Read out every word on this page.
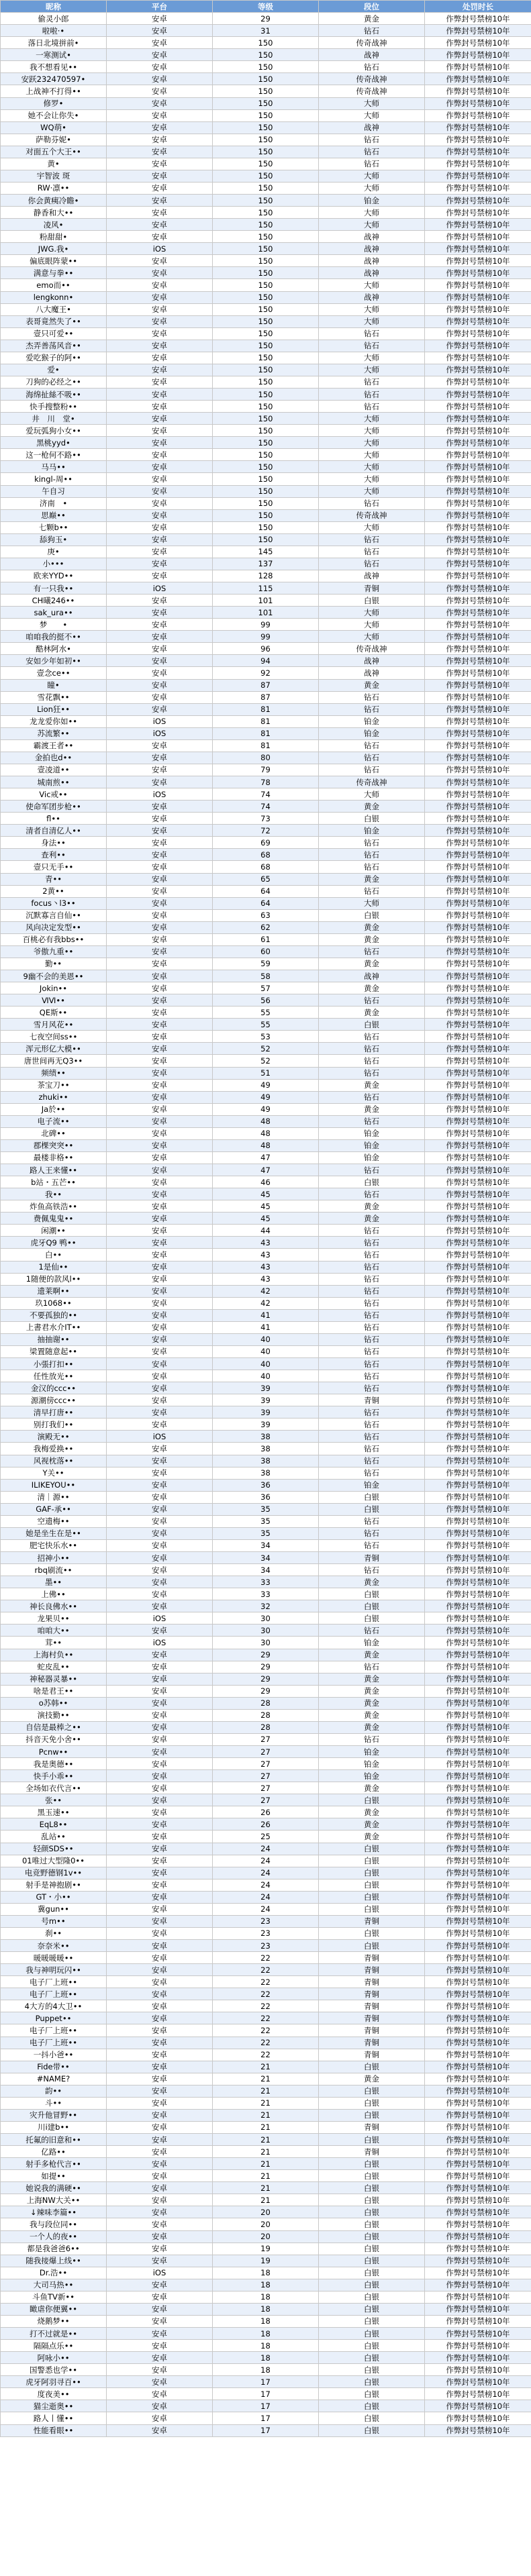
昵称	平台	等级	段位	处罚时长
偷灵小郎	安卓	29	黄金	作弊封号禁榜10年
啦啦·•	安卓	31	钻石	作弊封号禁榜10年
落日北境拼前•	安卓	150	传奇战神	作弊封号禁榜10年
一寒测试•	安卓	150	战神	作弊封号禁榜10年
我不想看见••	安卓	150	钻石	作弊封号禁榜10年
安跃232470597•	安卓	150	传奇战神	作弊封号禁榜10年
上战神不打得••	安卓	150	传奇战神	作弊封号禁榜10年
修罗•	安卓	150	大师	作弊封号禁榜10年
她不会让你失•	安卓	150	大师	作弊封号禁榜10年
WQ萌•	安卓	150	战神	作弊封号禁榜10年
萨勒芬妮•	安卓	150	钻石	作弊封号禁榜10年
对面五个大王••	安卓	150	钻石	作弊封号禁榜10年
黄•	安卓	150	钻石	作弊封号禁榜10年
宇智波 斑	安卓	150	大师	作弊封号禁榜10年
RW·凛••	安卓	150	大师	作弊封号禁榜10年
你会黄痍冷瞻•	安卓	150	铂金	作弊封号禁榜10年
静香和大••	安卓	150	大师	作弊封号禁榜10年
凌风•	安卓	150	大师	作弊封号禁榜10年
粉甜甜•	安卓	150	战神	作弊封号禁榜10年
JWG.我•	iOS	150	战神	作弊封号禁榜10年
偏底眼阵蒙••	安卓	150	战神	作弊封号禁榜10年
满意与拳••	安卓	150	战神	作弊封号禁榜10年
emo而••	安卓	150	大师	作弊封号禁榜10年
lengkonn•	安卓	150	战神	作弊封号禁榜10年
八大魔王•	安卓	150	大师	作弊封号禁榜10年
表哥竟然失了••	安卓	150	大师	作弊封号禁榜10年
壹只可爱••	安卓	150	钻石	作弊封号禁榜10年
杰弄善荡风音••	安卓	150	钻石	作弊封号禁榜10年
爱吃猴子的阿••	安卓	150	大师	作弊封号禁榜10年
爱•	安卓	150	大师	作弊封号禁榜10年
刀狗的必经之••	安卓	150	钻石	作弊封号禁榜10年
海绵扯絲不吸••	安卓	150	钻石	作弊封号禁榜10年
快手搜整粉••	安卓	150	钻石	作弊封号禁榜10年
井　川　堂•	安卓	150	大师	作弊封号禁榜10年
爱玩弧狗小女••	安卓	150	大师	作弊封号禁榜10年
黑桃yyd•	安卓	150	大师	作弊封号禁榜10年
这一枪何不路••	安卓	150	大师	作弊封号禁榜10年
马马••	安卓	150	大师	作弊封号禁榜10年
kingl-周••	安卓	150	大师	作弊封号禁榜10年
午自习	安卓	150	大师	作弊封号禁榜10年
济南　•	安卓	150	钻石	作弊封号禁榜10年
思巅••	安卓	150	传奇战神	作弊封号禁榜10年
七颗b••	安卓	150	大师	作弊封号禁榜10年
舔狗玉•	安卓	150	钻石	作弊封号禁榜10年
庚•	安卓	145	钻石	作弊封号禁榜10年
小•••	安卓	137	钻石	作弊封号禁榜10年
欧来YYD••	安卓	128	战神	作弊封号禁榜10年
有一只我••	iOS	115	青铜	作弊封号禁榜10年
CH曦246••	安卓	101	白银	作弊封号禁榜10年
sak_ura••	安卓	101	大师	作弊封号禁榜10年
梦　　•	安卓	99	大师	作弊封号禁榜10年
咱咱我的挺不••	安卓	99	大师	作弊封号禁榜10年
酷林阿水•	安卓	96	传奇战神	作弊封号禁榜10年
安如少年如初••	安卓	94	战神	作弊封号禁榜10年
壹念ce••	安卓	92	战神	作弊封号禁榜10年
瞳•	安卓	87	黄金	作弊封号禁榜10年
雪花飘••	安卓	87	钻石	作弊封号禁榜10年
Lion狂••	安卓	81	钻石	作弊封号禁榜10年
龙龙爱你如••	iOS	81	铂金	作弊封号禁榜10年
苏流繁••	iOS	81	铂金	作弊封号禁榜10年
霸渡王者••	安卓	81	钻石	作弊封号禁榜10年
金拍也d••	安卓	80	钻石	作弊封号禁榜10年
壹凌道••	安卓	79	钻石	作弊封号禁榜10年
城南煎••	安卓	78	传奇战神	作弊封号禁榜10年
Vic戒••	iOS	74	大师	作弊封号禁榜10年
使命军团步枪••	安卓	74	黄金	作弊封号禁榜10年
fl••	安卓	73	白银	作弊封号禁榜10年
清者自清亿人••	安卓	72	铂金	作弊封号禁榜10年
身法••	安卓	69	钻石	作弊封号禁榜10年
查利••	安卓	68	钻石	作弊封号禁榜10年
壹只无手••	安卓	68	钻石	作弊封号禁榜10年
青••	安卓	65	黄金	作弊封号禁榜10年
2黄••	安卓	64	钻石	作弊封号禁榜10年
focus丶l3••	安卓	64	大师	作弊封号禁榜10年
沉默寡言自仙••	安卓	63	白银	作弊封号禁榜10年
风向决定发型••	安卓	62	黄金	作弊封号禁榜10年
百桃必有我bbs••	安卓	61	黄金	作弊封号禁榜10年
爷傲九重••	安卓	60	钻石	作弊封号禁榜10年
勤••	安卓	59	黄金	作弊封号禁榜10年
9幽不会的美恩••	安卓	58	战神	作弊封号禁榜10年
Jokin••	安卓	57	黄金	作弊封号禁榜10年
ⅥⅥ••	安卓	56	钻石	作弊封号禁榜10年
QE斯••	安卓	55	黄金	作弊封号禁榜10年
雪月风花••	安卓	55	白银	作弊封号禁榜10年
七夜空间ss••	安卓	53	钻石	作弊封号禁榜10年
浑元形亿大模••	安卓	52	钻石	作弊封号禁榜10年
唐世间再无Q3••	安卓	52	钻石	作弊封号禁榜10年
频绩••	安卓	51	钻石	作弊封号禁榜10年
茶宝刀••	安卓	49	黄金	作弊封号禁榜10年
zhuki••	安卓	49	钻石	作弊封号禁榜10年
Ja於••	安卓	49	黄金	作弊封号禁榜10年
电子流••	安卓	48	钻石	作弊封号禁榜10年
北碑••	安卓	48	铂金	作弊封号禁榜10年
郡棵突突••	安卓	48	铂金	作弊封号禁榜10年
最楼非格••	安卓	47	铂金	作弊封号禁榜10年
路人王来懂••	安卓	47	钻石	作弊封号禁榜10年
b站・五芒••	安卓	46	白银	作弊封号禁榜10年
我••	安卓	45	钻石	作弊封号禁榜10年
炸鱼高铁浩••	安卓	45	黄金	作弊封号禁榜10年
费佩鬼鬼••	安卓	45	黄金	作弊封号禁榜10年
闲潮••	安卓	44	钻石	作弊封号禁榜10年
虎牙Q9 鸭••	安卓	43	钻石	作弊封号禁榜10年
白••	安卓	43	钻石	作弊封号禁榜10年
1是仙••	安卓	43	钻石	作弊封号禁榜10年
1随便的款风l••	安卓	43	钻石	作弊封号禁榜10年
遗莱啊••	安卓	42	钻石	作弊封号禁榜10年
玖1068••	安卓	42	钻石	作弊封号禁榜10年
不要孤独的••	安卓	41	钻石	作弊封号禁榜10年
上書君水介IT••	安卓	41	钻石	作弊封号禁榜10年
抽抽谢••	安卓	40	钻石	作弊封号禁榜10年
梁置随意起••	安卓	40	钻石	作弊封号禁榜10年
小張打扣••	安卓	40	钻石	作弊封号禁榜10年
任性放光••	安卓	40	钻石	作弊封号禁榜10年
金汉的ccc••	安卓	39	钻石	作弊封号禁榜10年
源潮傍ccc••	安卓	39	青铜	作弊封号禁榜10年
清早打唐••	安卓	39	钻石	作弊封号禁榜10年
别打我们••	安卓	39	钻石	作弊封号禁榜10年
演殿无••	iOS	38	钻石	作弊封号禁榜10年
我梅爱换••	安卓	38	钻石	作弊封号禁榜10年
风视枕落••	安卓	38	钻石	作弊封号禁榜10年
Y关••	安卓	38	钻石	作弊封号禁榜10年
ILIKEYOU••	安卓	36	铂金	作弊封号禁榜10年
清｜源••	安卓	36	白银	作弊封号禁榜10年
GAF-承••	安卓	35	白银	作弊封号禁榜10年
空遗梅••	安卓	35	钻石	作弊封号禁榜10年
她是坐生在是••	安卓	35	钻石	作弊封号禁榜10年
肥宅快乐水••	安卓	34	钻石	作弊封号禁榜10年
招神小••	安卓	34	青铜	作弊封号禁榜10年
rbq刷流••	安卓	34	钻石	作弊封号禁榜10年
墨••	安卓	33	黄金	作弊封号禁榜10年
上佛••	安卓	33	白银	作弊封号禁榜10年
神长良佛水••	安卓	32	白银	作弊封号禁榜10年
龙果贝••	iOS	30	白银	作弊封号禁榜10年
咱咱大••	安卓	30	钻石	作弊封号禁榜10年
茸••	iOS	30	铂金	作弊封号禁榜10年
上海村负••	安卓	29	黄金	作弊封号禁榜10年
蛇皮乱••	安卓	29	钻石	作弊封号禁榜10年
神秘器灵暴••	安卓	29	黄金	作弊封号禁榜10年
啥是君王••	安卓	29	黄金	作弊封号禁榜10年
o苏韩••	安卓	28	黄金	作弊封号禁榜10年
演技勤••	安卓	28	黄金	作弊封号禁榜10年
自信是最棒之••	安卓	28	黄金	作弊封号禁榜10年
抖音天免小舍••	安卓	27	钻石	作弊封号禁榜10年
Pcnw••	安卓	27	铂金	作弊封号禁榜10年
我是奥德••	安卓	27	铂金	作弊封号禁榜10年
快手小乖••	安卓	27	铂金	作弊封号禁榜10年
全场如衣代言••	安卓	27	黄金	作弊封号禁榜10年
张••	安卓	27	白银	作弊封号禁榜10年
黑玉速••	安卓	26	黄金	作弊封号禁榜10年
EqL8••	安卓	26	黄金	作弊封号禁榜10年
乱站••	安卓	25	黄金	作弊封号禁榜10年
轻颜SDS••	安卓	24	白银	作弊封号禁榜10年
01唯过大型隆0••	安卓	24	白银	作弊封号禁榜10年
电竞野德钢1v••	安卓	24	白银	作弊封号禁榜10年
射手是神抱剧••	安卓	24	白银	作弊封号禁榜10年
GT・小••	安卓	24	白银	作弊封号禁榜10年
冀gun••	安卓	24	白银	作弊封号禁榜10年
号m••	安卓	23	青铜	作弊封号禁榜10年
刹••	安卓	23	白银	作弊封号禁榜10年
奈奈米••	安卓	23	白银	作弊封号禁榜10年
暖暖暖暖••	安卓	22	青铜	作弊封号禁榜10年
我与神明玩闪••	安卓	22	青铜	作弊封号禁榜10年
电子厂上班••	安卓	22	青铜	作弊封号禁榜10年
电子厂上班••	安卓	22	青铜	作弊封号禁榜10年
4大方的4大卫••	安卓	22	青铜	作弊封号禁榜10年
Puppet••	安卓	22	青铜	作弊封号禁榜10年
电子厂上班••	安卓	22	青铜	作弊封号禁榜10年
电子厂上班••	安卓	22	青铜	作弊封号禁榜10年
一抖小爸••	安卓	22	青铜	作弊封号禁榜10年
Fide带••	安卓	21	白银	作弊封号禁榜10年
#NAME?	安卓	21	黄金	作弊封号禁榜10年
韵••	安卓	21	白银	作弊封号禁榜10年
斗••	安卓	21	白银	作弊封号禁榜10年
灾升他冒野••	安卓	21	白银	作弊封号禁榜10年
川i建b••	安卓	21	青铜	作弊封号禁榜10年
托氟的旧意和••	安卓	21	白银	作弊封号禁榜10年
亿路••	安卓	21	青铜	作弊封号禁榜10年
射手多枪代言••	安卓	21	白银	作弊封号禁榜10年
如提••	安卓	21	白银	作弊封号禁榜10年
她说我的满硬••	安卓	21	白银	作弊封号禁榜10年
上海NW大关••	安卓	21	白银	作弊封号禁榜10年
↓辣味李篇••	安卓	20	白银	作弊封号禁榜10年
我与段位同••	安卓	20	白银	作弊封号禁榜10年
一个人的夜••	安卓	20	白银	作弊封号禁榜10年
都是我爸爸6••	安卓	19	白银	作弊封号禁榜10年
随我接爆上线••	安卓	19	白银	作弊封号禁榜10年
Dr.浩••	iOS	18	白银	作弊封号禁榜10年
大司马热••	安卓	18	白银	作弊封号禁榜10年
斗鱼TV新••	安卓	18	白银	作弊封号禁榜10年
瞰虐你便翼••	安卓	18	白银	作弊封号禁榜10年
烧鹅梦••	安卓	18	白银	作弊封号禁榜10年
打不过就是••	安卓	18	白银	作弊封号禁榜10年
隔隔点乐••	安卓	18	白银	作弊封号禁榜10年
阿咏小••	安卓	18	白银	作弊封号禁榜10年
国警悉也学••	安卓	18	白银	作弊封号禁榜10年
虎牙阿羽寻百••	安卓	17	白银	作弊封号禁榜10年
度夜美••	安卓	17	白银	作弊封号禁榜10年
猫尘逝奥••	安卓	17	白银	作弊封号禁榜10年
路人丨懂••	安卓	17	白银	作弊封号禁榜10年
性能看眼••	安卓	17	白银	作弊封号禁榜10年
